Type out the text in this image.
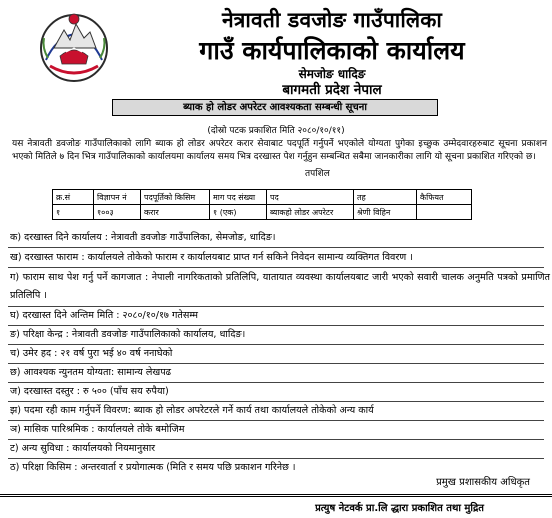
नेत्रावती डवजोङ गाउँपालिका
गाउँ कार्यपालिकाको कार्यालय
सेमजोङ धादिङ
बागमती प्रदेश नेपाल
ब्याक हो लोडर अपरेटर आवश्यकता सम्बन्धी सूचना
(दोस्रो पटक प्रकाशित मिति २०८०/१०/११)
यस नेत्रावती डवजोङ गाउँपालिकाको लागि ब्याक हो लोडर अपरेटर करार सेवाबाट पदपूर्ति गर्नुपर्ने भएकोले योग्यता पुगेका इच्छुक उम्मेदवारहरुबाट सूचना प्रकाशन भएको मितिले ७ दिन भित्र गाउँपालिकाको कार्यालयमा कार्यालय समय भित्र दरखास्त पेश गर्नुहुन सम्बन्धित सबैमा जानकारीका लागि यो सूचना प्रकाशित गरिएको छ।
तपशिल
क्र.सं	विज्ञापन नं	पदपूर्तिको किसिम	माग पद संख्या	पद	तह	कैफियत
१	१००३	करार	१ (एक)	ब्याकहो लोडर अपरेटर	श्रेणी विहिन	
क) दरखास्त दिने कार्यालय : नेत्रावती डवजोङ गाउँपालिका, सेमजोङ, धादिङ।
ख) दरखास्त फाराम : कार्यालयले तोकेको फाराम र कार्यालयबाट प्राप्त गर्न सकिने निवेदन सामान्य व्यक्तिगत विवरण ।
ग) फाराम साथ पेश गर्नु पर्ने कागजात : नेपाली नागरिकताको प्रतिलिपि, यातायात व्यवस्था कार्यालयबाट जारी भएको सवारी चालक अनुमति पत्रको प्रमाणित प्रतिलिपि ।
घ) दरखास्त दिने अन्तिम मिति : २०८०/१०/१७ गतेसम्म
ङ) परिक्षा केन्द्र : नेत्रावती डवजोङ गाउँपालिकाको कार्यालय, धादिङ।
च) उमेर हद : २१ वर्ष पुरा भई ४० वर्ष ननाघेको
छ) आवश्यक न्युनतम योग्यता: सामान्य लेखपढ
ज) दरखास्त दस्तुर : रु ५०० (पाँच सय रुपैया)
झ) पदमा रही काम गर्नुपर्ने विवरण: ब्याक हो लोडर अपरेटरले गर्ने कार्य तथा कार्यालयले तोकेको अन्य कार्य
ञ) मासिक पारिश्रमिक : कार्यालयले तोके बमोजिम
ट) अन्य सुविधा : कार्यालयको नियमानुसार
ठ) परिक्षा किसिम : अन्तरवार्ता र प्रयोगात्मक (मिति र समय पछि प्रकाशन गरिनेछ ।
प्रमुख प्रशासकीय अधिकृत
प्रत्युष नेटवर्क प्रा.लि द्धारा प्रकाशित तथा मुद्रित
